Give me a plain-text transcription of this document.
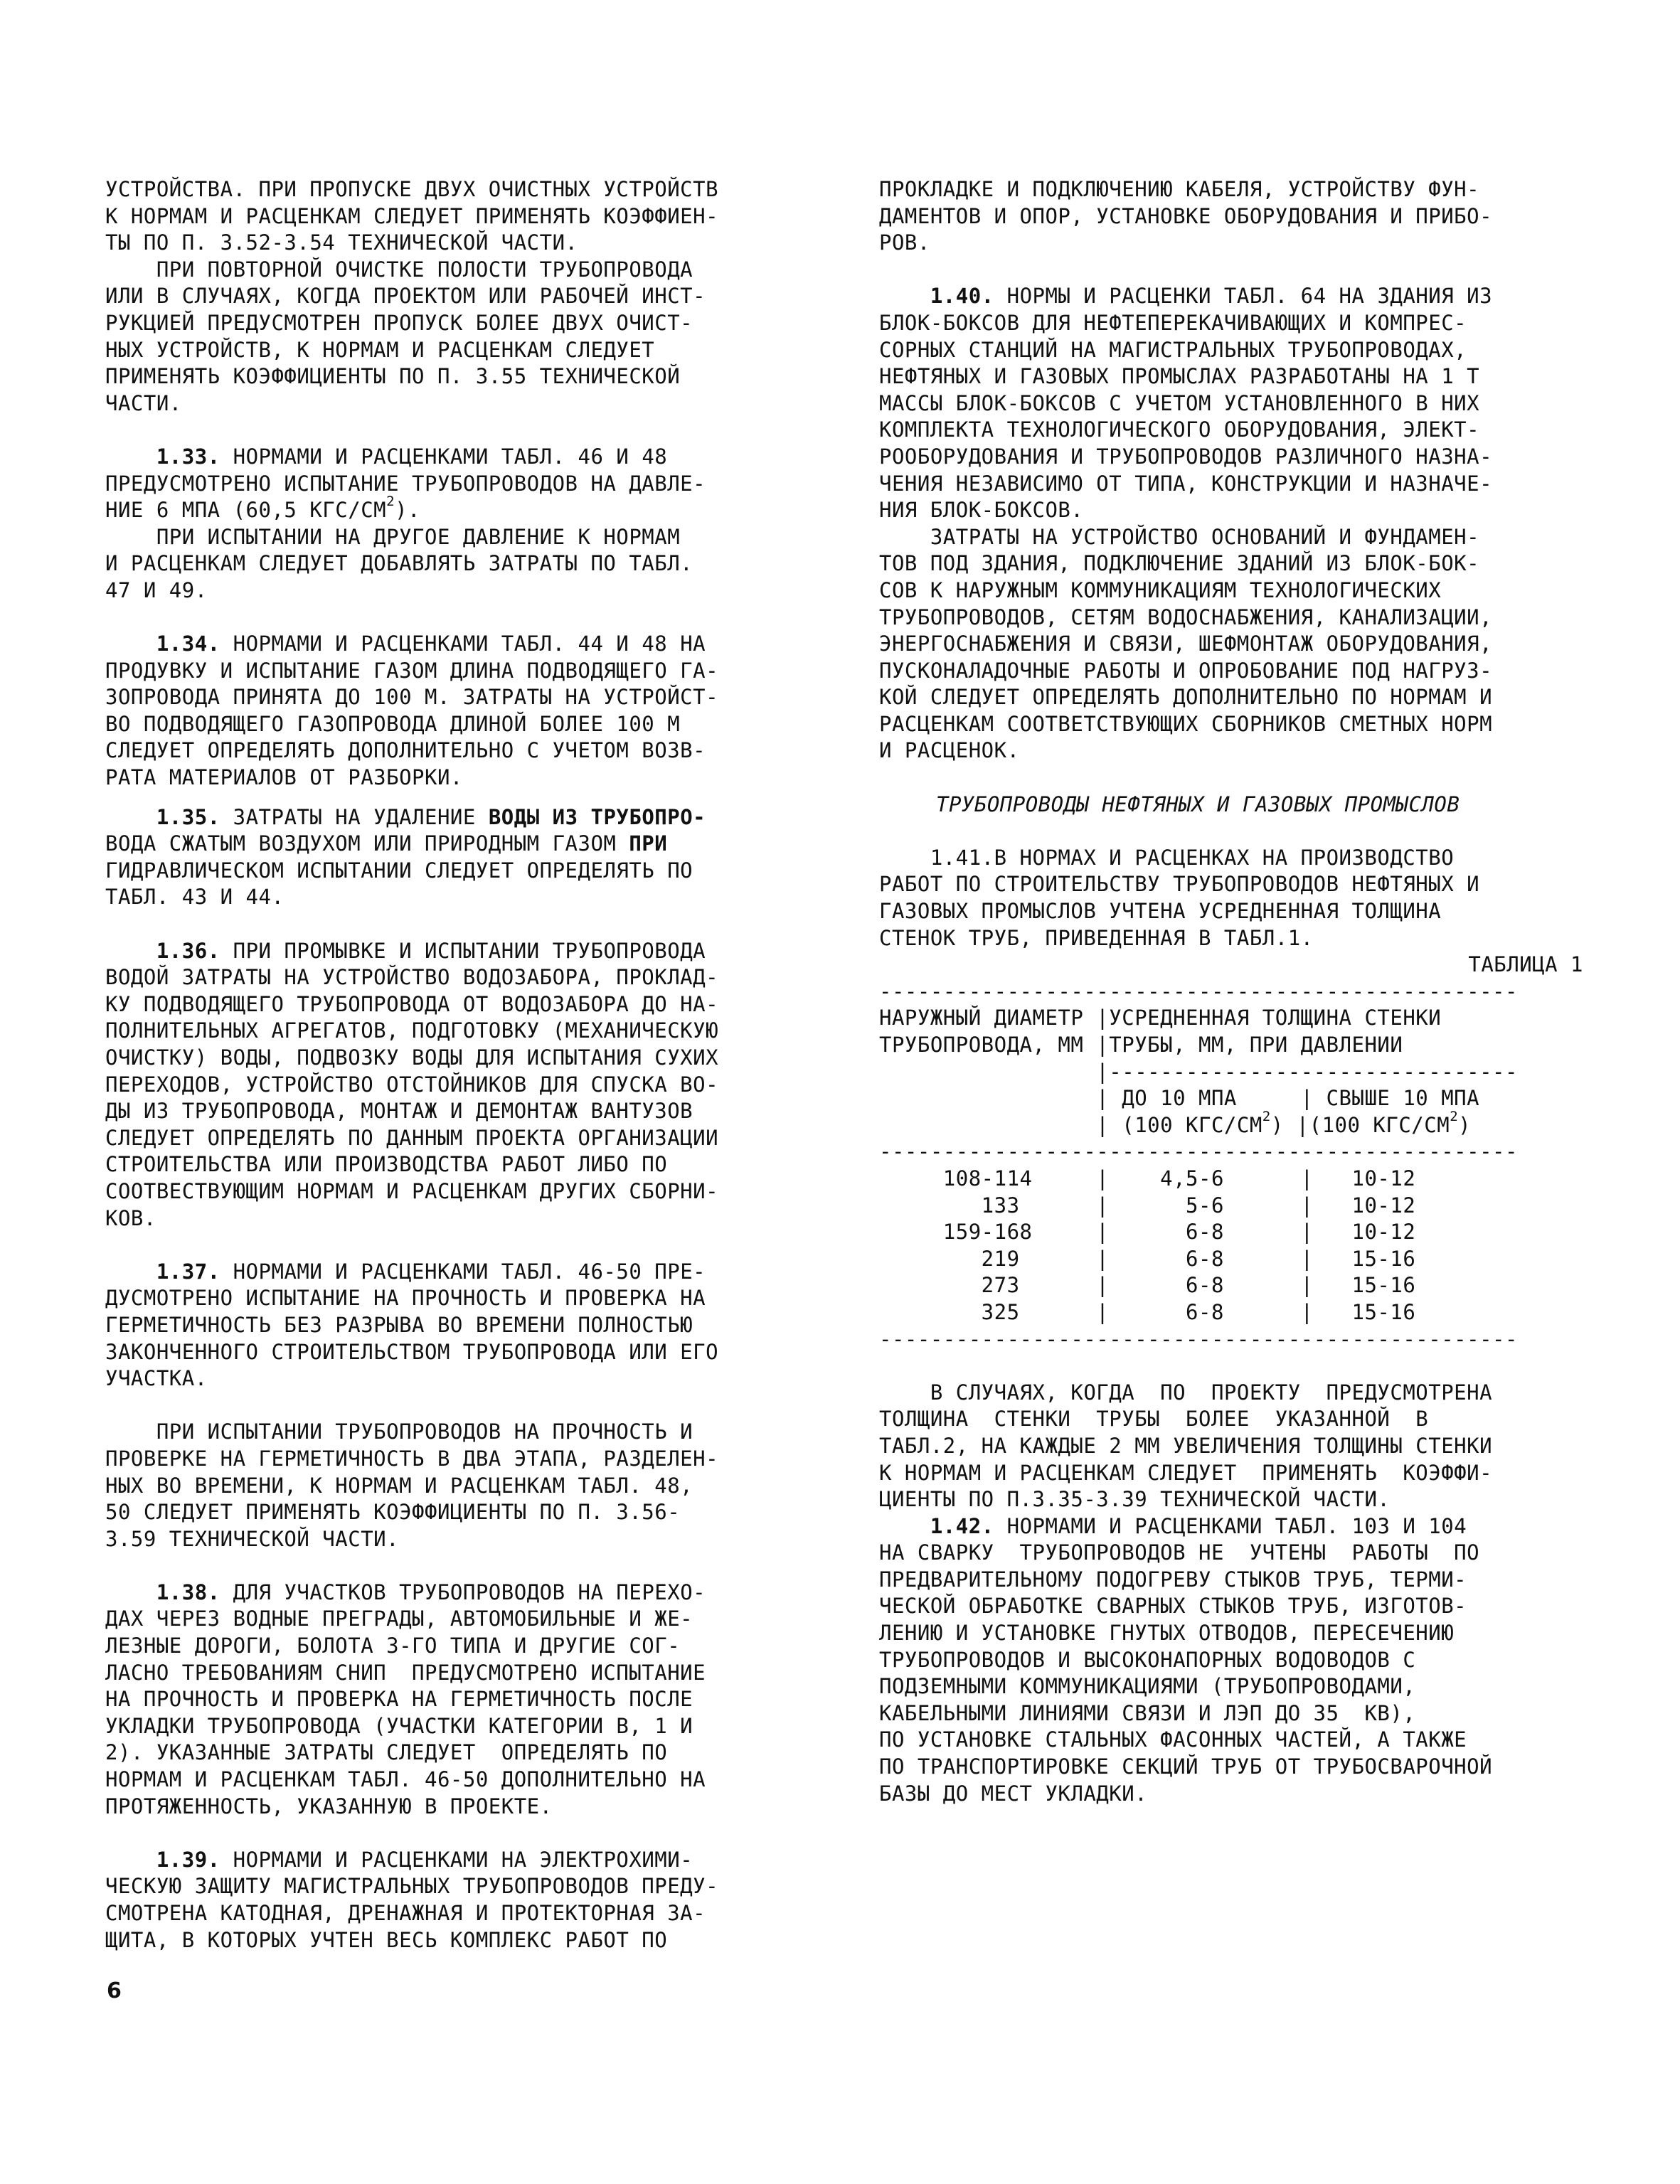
УСТРОЙСТВА. ПРИ ПРОПУСКЕ ДВУХ ОЧИСТНЫХ УСТРОЙСТВ
К НОРМАМ И РАСЦЕНКАМ СЛЕДУЕТ ПРИМЕНЯТЬ КОЭФФИЕН-
ТЫ ПО П. 3.52-3.54 ТЕХНИЧЕСКОЙ ЧАСТИ.
ПРИ ПОВТОРНОЙ ОЧИСТКЕ ПОЛОСТИ ТРУБОПРОВОДА
ИЛИ В СЛУЧАЯХ, КОГДА ПРОЕКТОМ ИЛИ РАБОЧЕЙ ИНСТ-
РУКЦИЕЙ ПРЕДУСМОТРЕН ПРОПУСК БОЛЕЕ ДВУХ ОЧИСТ-
НЫХ УСТРОЙСТВ, К НОРМАМ И РАСЦЕНКАМ СЛЕДУЕТ
ПРИМЕНЯТЬ КОЭФФИЦИЕНТЫ ПО П. 3.55 ТЕХНИЧЕСКОЙ
ЧАСТИ.
1.33. НОРМАМИ И РАСЦЕНКАМИ ТАБЛ. 46 И 48
ПРЕДУСМОТРЕНО ИСПЫТАНИЕ ТРУБОПРОВОДОВ НА ДАВЛЕ-
НИЕ 6 МПА (60,5 КГС/$СМ^2$).
ПРИ ИСПЫТАНИИ НА ДРУГОЕ ДАВЛЕНИЕ К НОРМАМ
И РАСЦЕНКАМ СЛЕДУЕТ ДОБАВЛЯТЬ ЗАТРАТЫ ПО ТАБЛ.
47 И 49.
1.34. НОРМАМИ И РАСЦЕНКАМИ ТАБЛ. 44 И 48 НА
ПРОДУВКУ И ИСПЫТАНИЕ ГАЗОМ ДЛИНА ПОДВОДЯЩЕГО ГА-
ЗОПРОВОДА ПРИНЯТА ДО 100 М. ЗАТРАТЫ НА УСТРОЙСТ-
ВО ПОДВОДЯЩЕГО ГАЗОПРОВОДА ДЛИНОЙ БОЛЕЕ 100 М
СЛЕДУЕТ ОПРЕДЕЛЯТЬ ДОПОЛНИТЕЛЬНО С УЧЕТОМ ВОЗВ-
РАТА МАТЕРИАЛОВ ОТ РАЗБОРКИ.
1.35. ЗАТРАТЫ НА УДАЛЕНИЕ ВОДЫ ИЗ ТРУБОПРО-
ВОДА СЖАТЫМ ВОЗДУХОМ ИЛИ ПРИРОДНЫМ ГАЗОМ ПРИ
ГИДРАВЛИЧЕСКОМ ИСПЫТАНИИ СЛЕДУЕТ ОПРЕДЕЛЯТЬ ПО
ТАБЛ. 43 И 44.
1.36. ПРИ ПРОМЫВКЕ И ИСПЫТАНИИ ТРУБОПРОВОДА
ВОДОЙ ЗАТРАТЫ НА УСТРОЙСТВО ВОДОЗАБОРА, ПРОКЛАД-
КУ ПОДВОДЯЩЕГО ТРУБОПРОВОДА ОТ ВОДОЗАБОРА ДО НА-
ПОЛНИТЕЛЬНЫХ АГРЕГАТОВ, ПОДГОТОВКУ (МЕХАНИЧЕСКУЮ
ОЧИСТКУ) ВОДЫ, ПОДВОЗКУ ВОДЫ ДЛЯ ИСПЫТАНИЯ СУХИХ
ПЕРЕХОДОВ, УСТРОЙСТВО ОТСТОЙНИКОВ ДЛЯ СПУСКА ВО-
ДЫ ИЗ ТРУБОПРОВОДА, МОНТАЖ И ДЕМОНТАЖ ВАНТУЗОВ
СЛЕДУЕТ ОПРЕДЕЛЯТЬ ПО ДАННЫМ ПРОЕКТА ОРГАНИЗАЦИИ
СТРОИТЕЛЬСТВА ИЛИ ПРОИЗВОДСТВА РАБОТ ЛИБО ПО
СООТВЕСТВУЮЩИМ НОРМАМ И РАСЦЕНКАМ ДРУГИХ СБОРНИ-
КОВ.
1.37. НОРМАМИ И РАСЦЕНКАМИ ТАБЛ. 46-50 ПРЕ-
ДУСМОТРЕНО ИСПЫТАНИЕ НА ПРОЧНОСТЬ И ПРОВЕРКА НА
ГЕРМЕТИЧНОСТЬ БЕЗ РАЗРЫВА ВО ВРЕМЕНИ ПОЛНОСТЬЮ
ЗАКОНЧЕННОГО СТРОИТЕЛЬСТВОМ ТРУБОПРОВОДА ИЛИ ЕГО
УЧАСТКА.
ПРИ ИСПЫТАНИИ ТРУБОПРОВОДОВ НА ПРОЧНОСТЬ И
ПРОВЕРКЕ НА ГЕРМЕТИЧНОСТЬ В ДВА ЭТАПА, РАЗДЕЛЕН-
НЫХ ВО ВРЕМЕНИ, К НОРМАМ И РАСЦЕНКАМ ТАБЛ. 48,
50 СЛЕДУЕТ ПРИМЕНЯТЬ КОЭФФИЦИЕНТЫ ПО П. 3.56-
3.59 ТЕХНИЧЕСКОЙ ЧАСТИ.
1.38. ДЛЯ УЧАСТКОВ ТРУБОПРОВОДОВ НА ПЕРЕХО-
ДАХ ЧЕРЕЗ ВОДНЫЕ ПРЕГРАДЫ, АВТОМОБИЛЬНЫЕ И ЖЕ-
ЛЕЗНЫЕ ДОРОГИ, БОЛОТА 3-ГО ТИПА И ДРУГИЕ СОГ-
ЛАСНО ТРЕБОВАНИЯМ СНИП  ПРЕДУСМОТРЕНО ИСПЫТАНИЕ
НА ПРОЧНОСТЬ И ПРОВЕРКА НА ГЕРМЕТИЧНОСТЬ ПОСЛЕ
УКЛАДКИ ТРУБОПРОВОДА (УЧАСТКИ КАТЕГОРИИ В, 1 И
2). УКАЗАННЫЕ ЗАТРАТЫ СЛЕДУЕТ  ОПРЕДЕЛЯТЬ ПО
НОРМАМ И РАСЦЕНКАМ ТАБЛ. 46-50 ДОПОЛНИТЕЛЬНО НА
ПРОТЯЖЕННОСТЬ, УКАЗАННУЮ В ПРОЕКТЕ.
1.39. НОРМАМИ И РАСЦЕНКАМИ НА ЭЛЕКТРОХИМИ-
ЧЕСКУЮ ЗАЩИТУ МАГИСТРАЛЬНЫХ ТРУБОПРОВОДОВ ПРЕДУ-
СМОТРЕНА КАТОДНАЯ, ДРЕНАЖНАЯ И ПРОТЕКТОРНАЯ ЗА-
ЩИТА, В КОТОРЫХ УЧТЕН ВЕСЬ КОМПЛЕКС РАБОТ ПО
ПРОКЛАДКЕ И ПОДКЛЮЧЕНИЮ КАБЕЛЯ, УСТРОЙСТВУ ФУН-
ДАМЕНТОВ И ОПОР, УСТАНОВКЕ ОБОРУДОВАНИЯ И ПРИБО-
РОВ.
1.40. НОРМЫ И РАСЦЕНКИ ТАБЛ. 64 НА ЗДАНИЯ ИЗ
БЛОК-БОКСОВ ДЛЯ НЕФТЕПЕРЕКАЧИВАЮЩИХ И КОМПРЕС-
СОРНЫХ СТАНЦИЙ НА МАГИСТРАЛЬНЫХ ТРУБОПРОВОДАХ,
НЕФТЯНЫХ И ГАЗОВЫХ ПРОМЫСЛАХ РАЗРАБОТАНЫ НА 1 Т
МАССЫ БЛОК-БОКСОВ С УЧЕТОМ УСТАНОВЛЕННОГО В НИХ
КОМПЛЕКТА ТЕХНОЛОГИЧЕСКОГО ОБОРУДОВАНИЯ, ЭЛЕКТ-
РООБОРУДОВАНИЯ И ТРУБОПРОВОДОВ РАЗЛИЧНОГО НАЗНА-
ЧЕНИЯ НЕЗАВИСИМО ОТ ТИПА, КОНСТРУКЦИИ И НАЗНАЧЕ-
НИЯ БЛОК-БОКСОВ.
ЗАТРАТЫ НА УСТРОЙСТВО ОСНОВАНИЙ И ФУНДАМЕН-
ТОВ ПОД ЗДАНИЯ, ПОДКЛЮЧЕНИЕ ЗДАНИЙ ИЗ БЛОК-БОК-
СОВ К НАРУЖНЫМ КОММУНИКАЦИЯМ ТЕХНОЛОГИЧЕСКИХ
ТРУБОПРОВОДОВ, СЕТЯМ ВОДОСНАБЖЕНИЯ, КАНАЛИЗАЦИИ,
ЭНЕРГОСНАБЖЕНИЯ И СВЯЗИ, ШЕФМОНТАЖ ОБОРУДОВАНИЯ,
ПУСКОНАЛАДОЧНЫЕ РАБОТЫ И ОПРОБОВАНИЕ ПОД НАГРУЗ-
КОЙ СЛЕДУЕТ ОПРЕДЕЛЯТЬ ДОПОЛНИТЕЛЬНО ПО НОРМАМ И
РАСЦЕНКАМ СООТВЕТСТВУЮЩИХ СБОРНИКОВ СМЕТНЫХ НОРМ
И РАСЦЕНОК.
ТРУБОПРОВОДЫ НЕФТЯНЫХ И ГАЗОВЫХ ПРОМЫСЛОВ
1.41.В НОРМАХ И РАСЦЕНКАХ НА ПРОИЗВОДСТВО
РАБОТ ПО СТРОИТЕЛЬСТВУ ТРУБОПРОВОДОВ НЕФТЯНЫХ И
ГАЗОВЫХ ПРОМЫСЛОВ УЧТЕНА УСРЕДНЕННАЯ ТОЛЩИНА
СТЕНОК ТРУБ, ПРИВЕДЕННАЯ В ТАБЛ.1.
ТАБЛИЦА 1
--------------------------------------------------
НАРУЖНЫЙ ДИАМЕТР |УСРЕДНЕННАЯ ТОЛЩИНА СТЕНКИ
ТРУБОПРОВОДА, ММ |ТРУБЫ, ММ, ПРИ ДАВЛЕНИИ
|--------------------------------
| ДО 10 МПА     | СВЫШЕ 10 МПА
| (100 КГС/$СМ^2$) |(100 КГС/$СМ^2$)
--------------------------------------------------
108-114     |    4,5-6      |   10-12
133      |      5-6      |   10-12
159-168     |      6-8      |   10-12
219      |      6-8      |   15-16
273      |      6-8      |   15-16
325      |      6-8      |   15-16
--------------------------------------------------
В СЛУЧАЯХ, КОГДА  ПО  ПРОЕКТУ  ПРЕДУСМОТРЕНА
ТОЛЩИНА  СТЕНКИ  ТРУБЫ  БОЛЕЕ  УКАЗАННОЙ  В
ТАБЛ.2, НА КАЖДЫЕ 2 ММ УВЕЛИЧЕНИЯ ТОЛЩИНЫ СТЕНКИ
К НОРМАМ И РАСЦЕНКАМ СЛЕДУЕТ  ПРИМЕНЯТЬ  КОЭФФИ-
ЦИЕНТЫ ПО П.3.35-3.39 ТЕХНИЧЕСКОЙ ЧАСТИ.
1.42. НОРМАМИ И РАСЦЕНКАМИ ТАБЛ. 103 И 104
НА СВАРКУ  ТРУБОПРОВОДОВ НЕ  УЧТЕНЫ  РАБОТЫ  ПО
ПРЕДВАРИТЕЛЬНОМУ ПОДОГРЕВУ СТЫКОВ ТРУБ, ТЕРМИ-
ЧЕСКОЙ ОБРАБОТКЕ СВАРНЫХ СТЫКОВ ТРУБ, ИЗГОТОВ-
ЛЕНИЮ И УСТАНОВКЕ ГНУТЫХ ОТВОДОВ, ПЕРЕСЕЧЕНИЮ
ТРУБОПРОВОДОВ И ВЫСОКОНАПОРНЫХ ВОДОВОДОВ С
ПОДЗЕМНЫМИ КОММУНИКАЦИЯМИ (ТРУБОПРОВОДАМИ,
КАБЕЛЬНЫМИ ЛИНИЯМИ СВЯЗИ И ЛЭП ДО 35  КВ),
ПО УСТАНОВКЕ СТАЛЬНЫХ ФАСОННЫХ ЧАСТЕЙ, А ТАКЖЕ
ПО ТРАНСПОРТИРОВКЕ СЕКЦИЙ ТРУБ ОТ ТРУБОСВАРОЧНОЙ
БАЗЫ ДО МЕСТ УКЛАДКИ.
6
